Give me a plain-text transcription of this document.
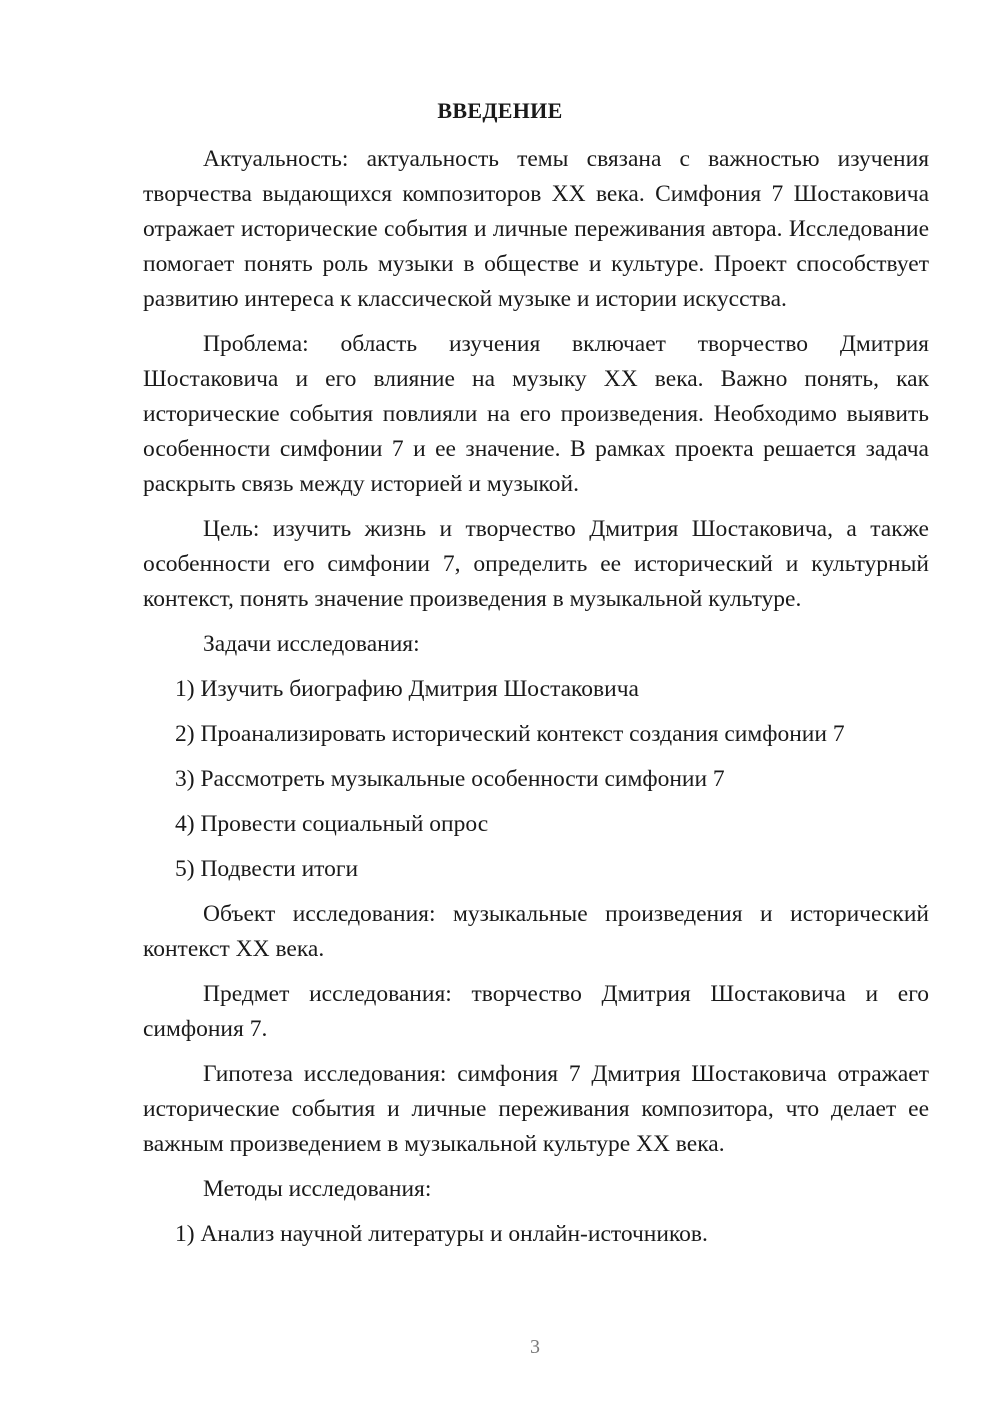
ВВЕДЕНИЕ

Актуальность: актуальность темы связана с важностью изучения творчества выдающихся композиторов XX века. Симфония 7 Шостаковича отражает исторические события и личные переживания автора. Исследование помогает понять роль музыки в обществе и культуре. Проект способствует развитию интереса к классической музыке и истории искусства.

Проблема: область изучения включает творчество Дмитрия Шостаковича и его влияние на музыку XX века. Важно понять, как исторические события повлияли на его произведения. Необходимо выявить особенности симфонии 7 и ее значение. В рамках проекта решается задача раскрыть связь между историей и музыкой.

Цель: изучить жизнь и творчество Дмитрия Шостаковича, а также особенности его симфонии 7, определить ее исторический и культурный контекст, понять значение произведения в музыкальной культуре.

Задачи исследования:

1) Изучить биографию Дмитрия Шостаковича

2) Проанализировать исторический контекст создания симфонии 7

3) Рассмотреть музыкальные особенности симфонии 7

4) Провести социальный опрос

5) Подвести итоги

Объект исследования: музыкальные произведения и исторический контекст XX века.

Предмет исследования: творчество Дмитрия Шостаковича и его симфония 7.

Гипотеза исследования: симфония 7 Дмитрия Шостаковича отражает исторические события и личные переживания композитора, что делает ее важным произведением в музыкальной культуре XX века.

Методы исследования:

1) Анализ научной литературы и онлайн-источников.

3
